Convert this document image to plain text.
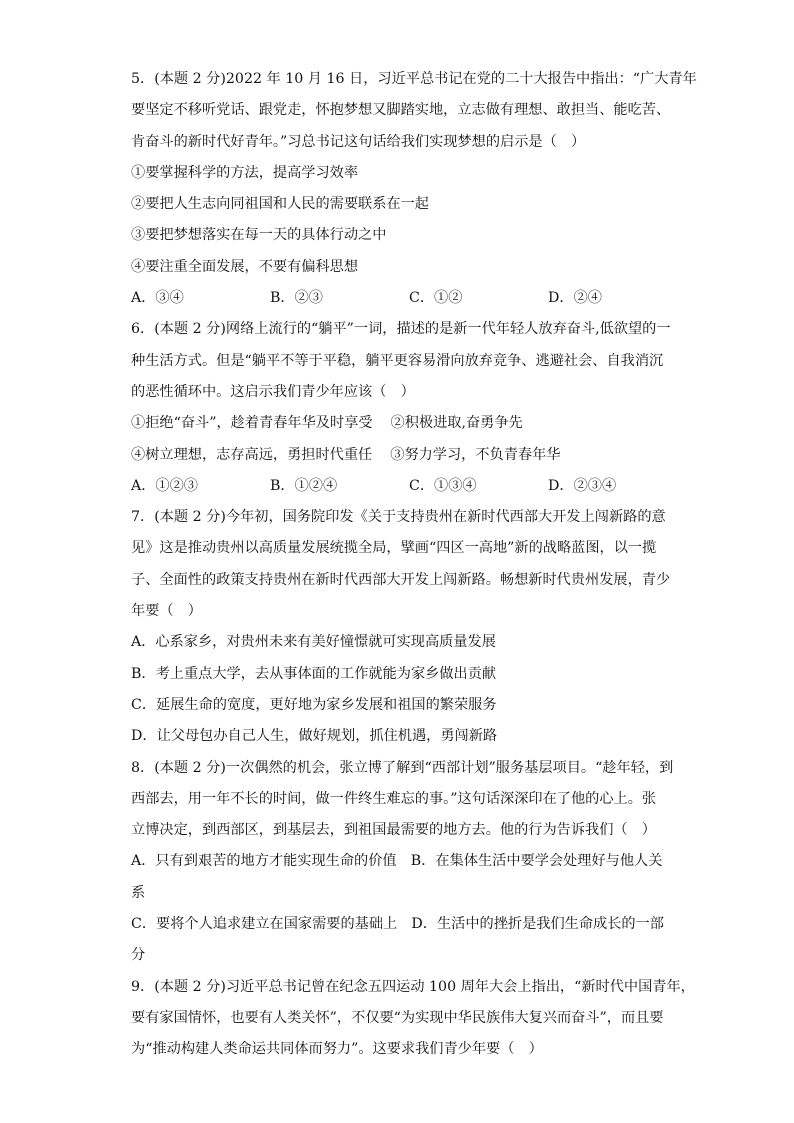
5．(本题 2 分)2022 年 10 月 16 日，习近平总书记在党的二十大报告中指出：“广大青年
要坚定不移听党话、跟党走，怀抱梦想又脚踏实地，立志做有理想、敢担当、能吃苦、
肯奋斗的新时代好青年。”习总书记这句话给我们实现梦想的启示是（　）
①要掌握科学的方法，提高学习效率
②要把人生志向同祖国和人民的需要联系在一起
③要把梦想落实在每一天的具体行动之中
④要注重全面发展，不要有偏科思想
A．③④	B．②③	C．①②	D．②④
6．(本题 2 分)网络上流行的“躺平”一词，描述的是新一代年轻人放弃奋斗,低欲望的一
种生活方式。但是“躺平不等于平稳，躺平更容易滑向放弃竞争、逃避社会、自我消沉
的恶性循环中。这启示我们青少年应该（　）
①拒绝“奋斗”，趁着青春年华及时享受 ②积极进取,奋勇争先
④树立理想，志存高远，勇担时代重任 ③努力学习，不负青春年华
A．①②③	B．①②④	C．①③④	D．②③④
7．(本题 2 分)今年初，国务院印发《关于支持贵州在新时代西部大开发上闯新路的意
见》这是推动贵州以高质量发展统揽全局，擘画“四区一高地”新的战略蓝图，以一揽
子、全面性的政策支持贵州在新时代西部大开发上闯新路。畅想新时代贵州发展，青少
年要（　）
A．心系家乡，对贵州未来有美好憧憬就可实现高质量发展
B．考上重点大学，去从事体面的工作就能为家乡做出贡献
C．延展生命的宽度，更好地为家乡发展和祖国的繁荣服务
D．让父母包办自己人生，做好规划，抓住机遇，勇闯新路
8．(本题 2 分)一次偶然的机会，张立博了解到“西部计划”服务基层项目。“趁年轻，到
西部去，用一年不长的时间，做一件终生难忘的事。”这句话深深印在了他的心上。张
立博决定，到西部区，到基层去，到祖国最需要的地方去。他的行为告诉我们（　）
A．只有到艰苦的地方才能实现生命的价值　B．在集体生活中要学会处理好与他人关
系
C．要将个人追求建立在国家需要的基础上　D．生活中的挫折是我们生命成长的一部
分
9．(本题 2 分)习近平总书记曾在纪念五四运动 100 周年大会上指出，“新时代中国青年，
要有家国情怀，也要有人类关怀”，不仅要“为实现中华民族伟大复兴而奋斗”，而且要
为“推动构建人类命运共同体而努力”。这要求我们青少年要（　）
